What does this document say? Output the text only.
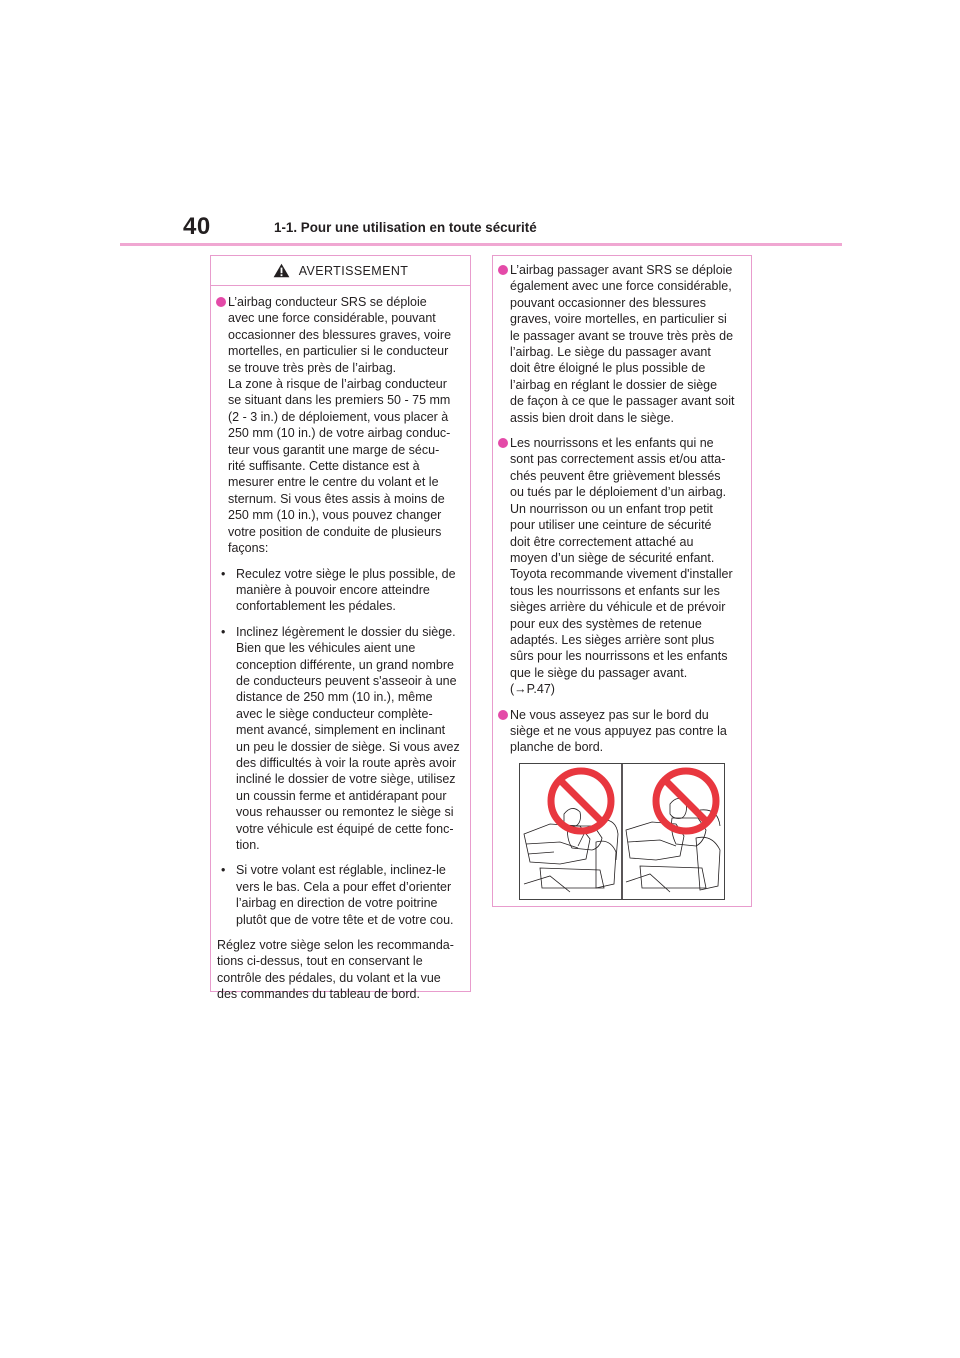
40	1-1. Pour une utilisation en toute sécurité
AVERTISSEMENT
L’airbag conducteur SRS se déploie
avec une force considérable, pouvant
occasionner des blessures graves, voire
mortelles, en particulier si le conducteur
se trouve très près de l’airbag.
La zone à risque de l’airbag conducteur
se situant dans les premiers 50 - 75 mm
(2 - 3 in.) de déploiement, vous placer à
250 mm (10 in.) de votre airbag conduc-
teur vous garantit une marge de sécu-
rité suffisante. Cette distance est à
mesurer entre le centre du volant et le
sternum. Si vous êtes assis à moins de
250 mm (10 in.), vous pouvez changer
votre position de conduite de plusieurs
façons:
• Reculez votre siège le plus possible, de
manière à pouvoir encore atteindre
confortablement les pédales.
• Inclinez légèrement le dossier du siège.
Bien que les véhicules aient une
conception différente, un grand nombre
de conducteurs peuvent s'asseoir à une
distance de 250 mm (10 in.), même
avec le siège conducteur complète-
ment avancé, simplement en inclinant
un peu le dossier de siège. Si vous avez
des difficultés à voir la route après avoir
incliné le dossier de votre siège, utilisez
un coussin ferme et antidérapant pour
vous rehausser ou remontez le siège si
votre véhicule est équipé de cette fonc-
tion.
• Si votre volant est réglable, inclinez-le
vers le bas. Cela a pour effet d’orienter
l’airbag en direction de votre poitrine
plutôt que de votre tête et de votre cou.
Réglez votre siège selon les recommanda-
tions ci-dessus, tout en conservant le
contrôle des pédales, du volant et la vue
des commandes du tableau de bord.
L’airbag passager avant SRS se déploie
également avec une force considérable,
pouvant occasionner des blessures
graves, voire mortelles, en particulier si
le passager avant se trouve très près de
l’airbag. Le siège du passager avant
doit être éloigné le plus possible de
l’airbag en réglant le dossier de siège
de façon à ce que le passager avant soit
assis bien droit dans le siège.
Les nourrissons et les enfants qui ne
sont pas correctement assis et/ou atta-
chés peuvent être grièvement blessés
ou tués par le déploiement d’un airbag.
Un nourrisson ou un enfant trop petit
pour utiliser une ceinture de sécurité
doit être correctement attaché au
moyen d’un siège de sécurité enfant.
Toyota recommande vivement d'installer
tous les nourrissons et enfants sur les
sièges arrière du véhicule et de prévoir
pour eux des systèmes de retenue
adaptés. Les sièges arrière sont plus
sûrs pour les nourrissons et les enfants
que le siège du passager avant.
(→P.47)
Ne vous asseyez pas sur le bord du
siège et ne vous appuyez pas contre la
planche de bord.
